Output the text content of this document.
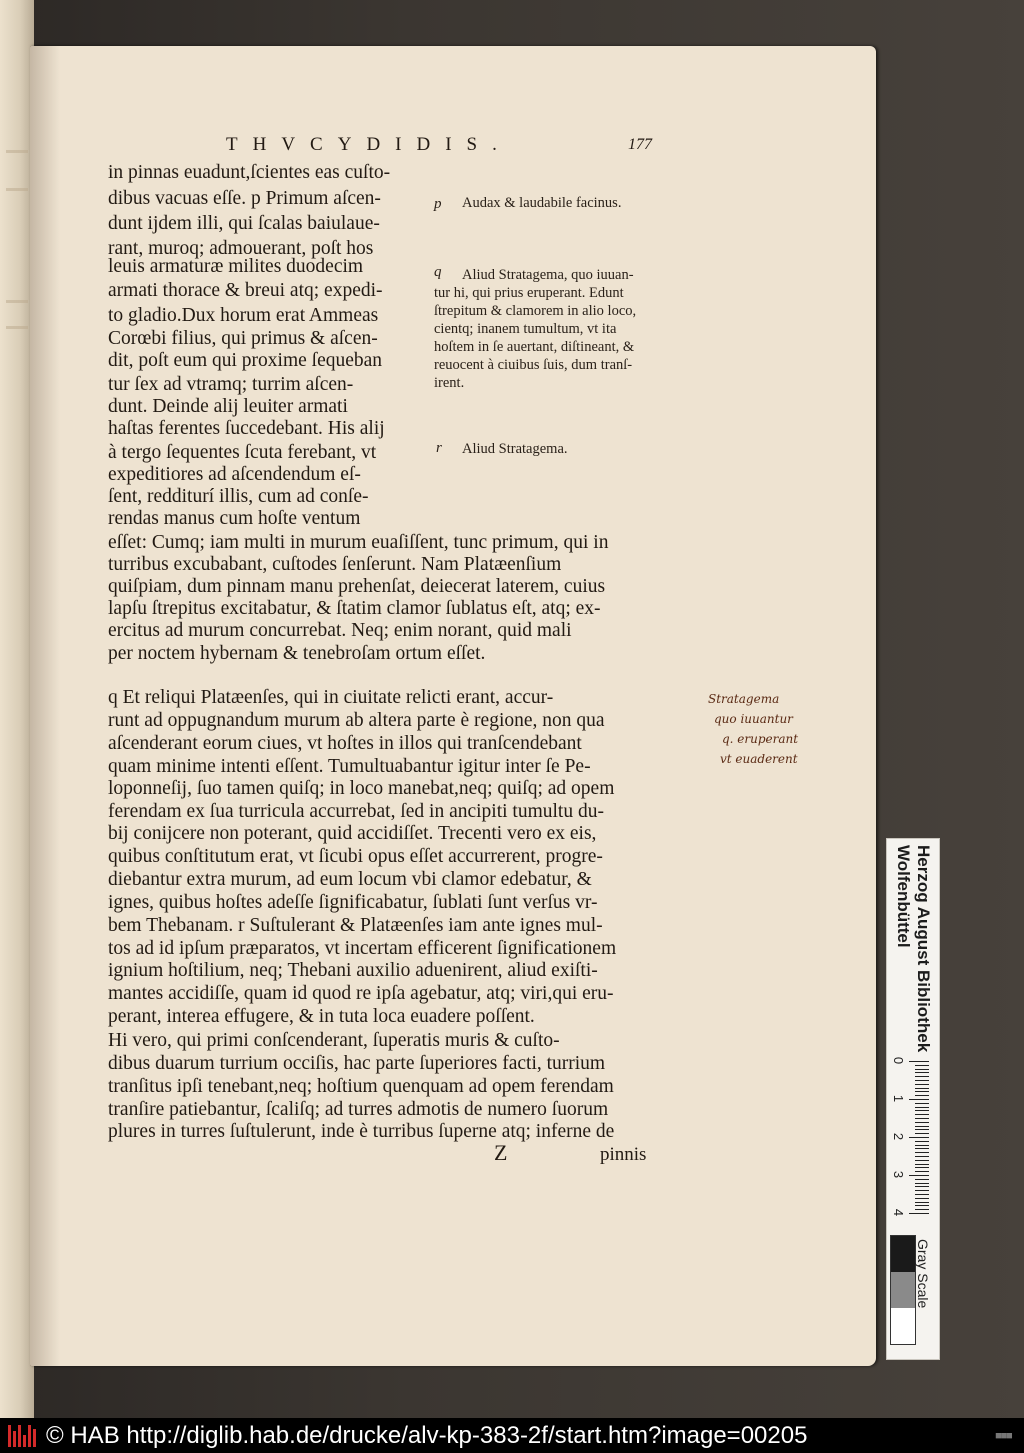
THVCYDIDIS.	177
in pinnas euadunt,ſcientes eas cuſto-
dibus vacuas eſſe. p Primum aſcen-
dunt ijdem illi, qui ſcalas baiulaue-
rant, muroq; admouerant, poſt hos
leuis armaturæ milites duodecim
armati thorace & breui atq; expedi-
to gladio.Dux horum erat Ammeas
Corœbi filius, qui primus & aſcen-
dit, poſt eum qui proxime ſequeban
tur ſex ad vtramq; turrim aſcen-
dunt. Deinde alij leuiter armati
haſtas ferentes ſuccedebant. His alij
à tergo ſequentes ſcuta ferebant, vt
expeditiores ad aſcendendum eſ-
ſent, redditurí illis, cum ad conſe-
rendas manus cum hoſte ventum
eſſet: Cumq; iam multi in murum euaſiſſent, tunc primum, qui in
turribus excubabant, cuſtodes ſenſerunt. Nam Platæenſium
quiſpiam, dum pinnam manu prehenſat, deiecerat laterem, cuius
lapſu ſtrepitus excitabatur, & ſtatim clamor ſublatus eſt, atq; ex-
ercitus ad murum concurrebat. Neq; enim norant, quid mali
per noctem hybernam & tenebroſam ortum eſſet.
q Et reliqui Platæenſes, qui in ciuitate relicti erant, accur-
runt ad oppugnandum murum ab altera parte è regione, non qua
aſcenderant eorum ciues, vt hoſtes in illos qui tranſcendebant
quam minime intenti eſſent. Tumultuabantur igitur inter ſe Pe-
loponneſij, ſuo tamen quiſq; in loco manebat,neq; quiſq; ad opem
ferendam ex ſua turricula accurrebat, ſed in ancipiti tumultu du-
bij conijcere non poterant, quid accidiſſet. Trecenti vero ex eis,
quibus conſtitutum erat, vt ſicubi opus eſſet accurrerent, progre-
diebantur extra murum, ad eum locum vbi clamor edebatur, &
ignes, quibus hoſtes adeſſe ſignificabatur, ſublati ſunt verſus vr-
bem Thebanam. r Suſtulerant & Platæenſes iam ante ignes mul-
tos ad id ipſum præparatos, vt incertam efficerent ſignificationem
ignium hoſtilium, neq; Thebani auxilio aduenirent, aliud exiſti-
mantes accidiſſe, quam id quod re ipſa agebatur, atq; viri,qui eru-
perant, interea effugere, & in tuta loca euadere poſſent.
Hi vero, qui primi conſcenderant, ſuperatis muris & cuſto-
dibus duarum turrium occiſis, hac parte ſuperiores facti, turrium
tranſitus ipſi tenebant,neq; hoſtium quenquam ad opem ferendam
tranſire patiebantur, ſcaliſq; ad turres admotis de numero ſuorum
plures in turres ſuſtulerunt, inde è turribus ſuperne atq; inferne de
Z	pinnis
p Audax & laudabile facinus.
q Aliud Stratagema, quo iuuan-
tur hi, qui prius eruperant. Edunt
ſtrepitum & clamorem in alio loco,
cientq; inanem tumultum, vt ita
hoſtem in ſe auertant, diſtineant, &
reuocent à ciuibus ſuis, dum tranſ-
irent.
r Aliud Stratagema.
Stratagema
quo iuuantur
q. eruperant
vt euaderent
Herzog August Bibliothek
Wolfenbüttel
0
1
2
3
4
Gray Scale
© HAB http://diglib.hab.de/drucke/alv-kp-383-2f/start.htm?image=00205	■■■
